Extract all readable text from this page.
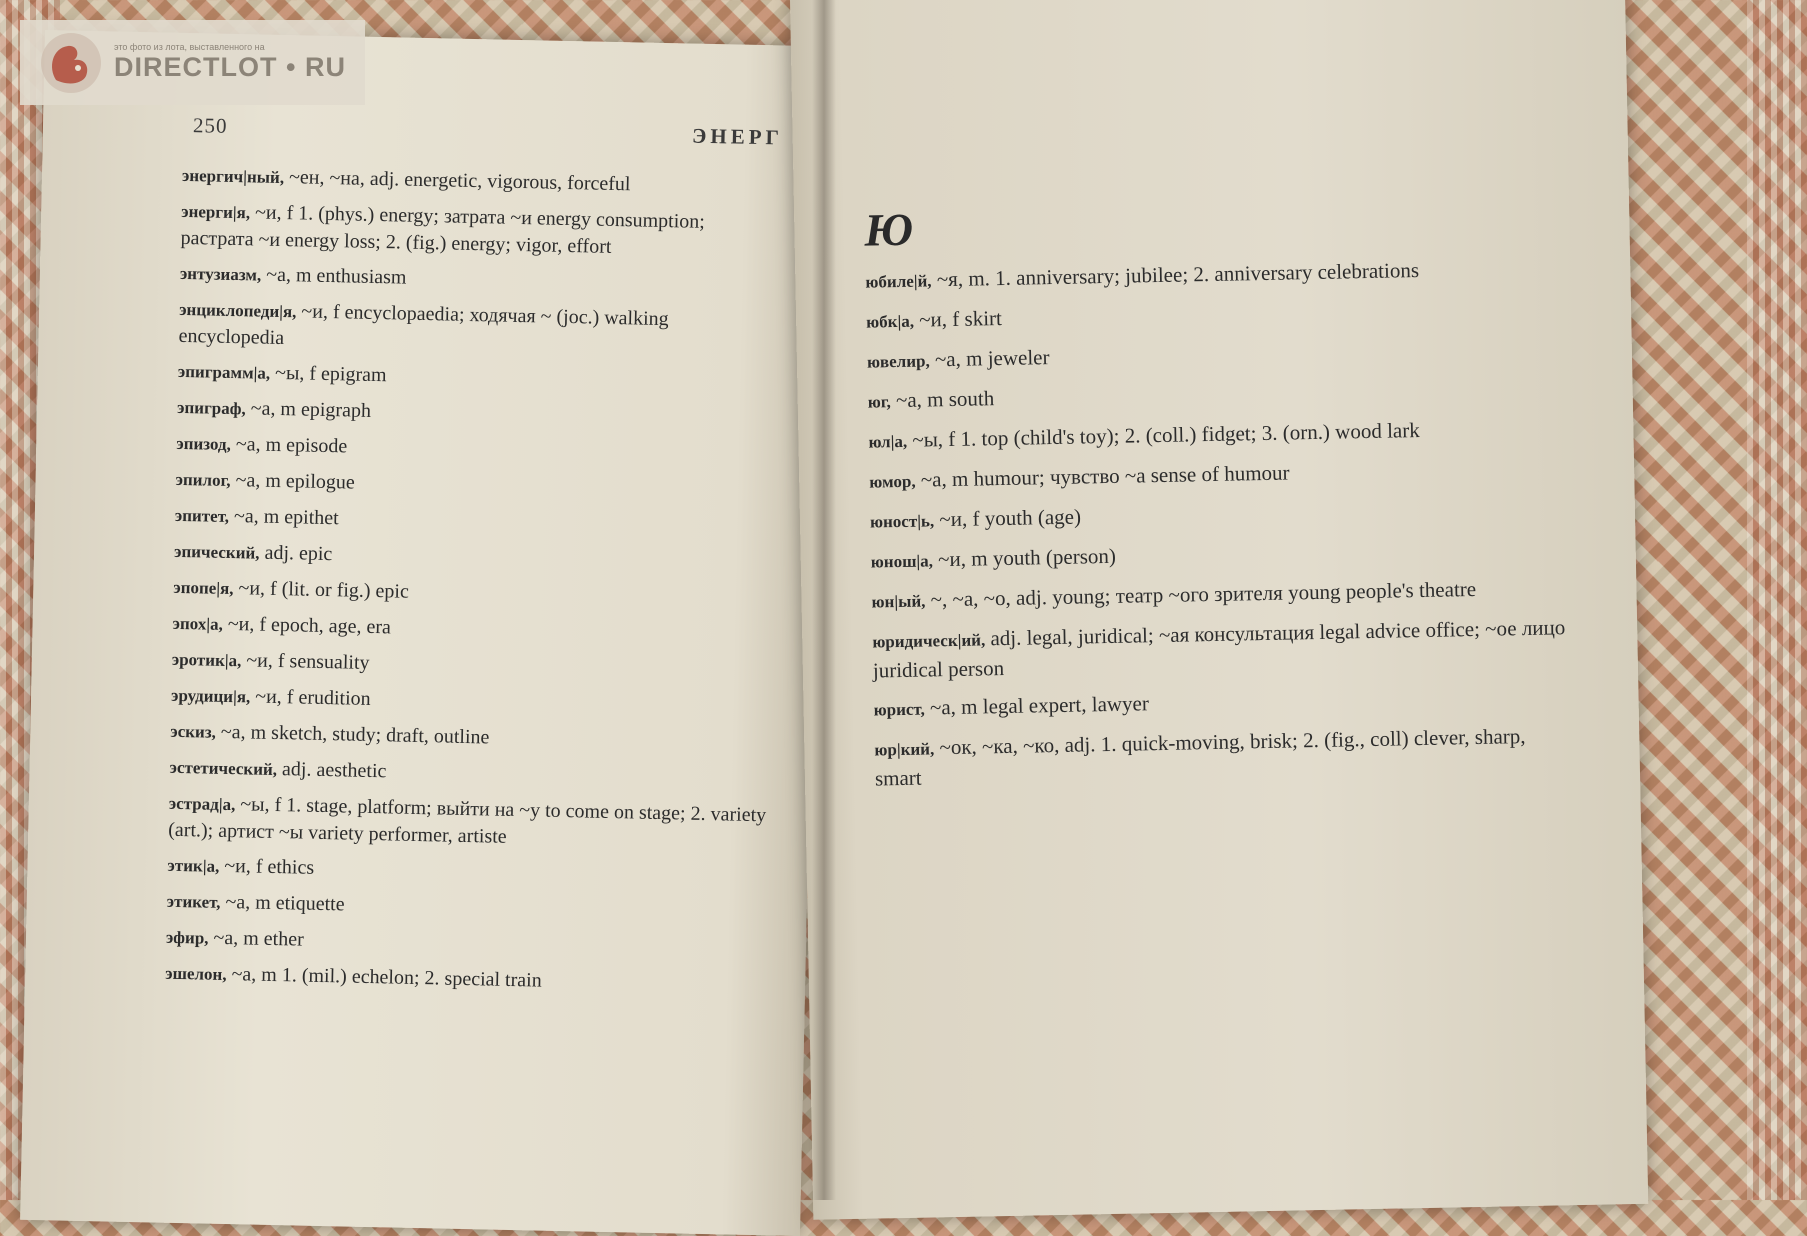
250	ЭНЕРГ
энергич|ный, ~ен, ~на, adj. energetic, vigorous, forceful
энерги|я, ~и, f 1. (phys.) energy; затрата ~и energy consumption; растрата ~и energy loss; 2. (fig.) energy; vigor, effort
энтузиазм, ~а, m enthusiasm
энциклопеди|я, ~и, f encyclopaedia; ходячая ~ (joc.) walking encyclopedia
эпиграмм|а, ~ы, f epigram
эпиграф, ~а, m epigraph
эпизод, ~а, m episode
эпилог, ~а, m epilogue
эпитет, ~а, m epithet
эпический, adj. epic
эпопе|я, ~и, f (lit. or fig.) epic
эпох|а, ~и, f epoch, age, era
эротик|а, ~и, f sensuality
эрудици|я, ~и, f erudition
эскиз, ~а, m sketch, study; draft, outline
эстетический, adj. aesthetic
эстрад|а, ~ы, f 1. stage, platform; выйти на ~у to come on stage; 2. variety (art.); артист ~ы variety performer, artiste
этик|а, ~и, f ethics
этикет, ~а, m etiquette
эфир, ~а, m ether
эшелон, ~а, m 1. (mil.) echelon; 2. special train
Ю
юбиле|й, ~я, m. 1. anniversary; jubilee; 2. anniversary celebrations
юбк|а, ~и, f skirt
ювелир, ~а, m jeweler
юг, ~а, m south
юл|а, ~ы, f 1. top (child's toy); 2. (coll.) fidget; 3. (orn.) wood lark
юмор, ~а, m humour; чувство ~а sense of humour
юност|ь, ~и, f youth (age)
юнош|а, ~и, m youth (person)
юн|ый, ~, ~а, ~о, adj. young; театр ~ого зрителя young people's theatre
юридическ|ий, adj. legal, juridical; ~ая консультация legal advice office; ~ое лицо juridical person
юрист, ~а, m legal expert, lawyer
юр|кий, ~ок, ~ка, ~ко, adj. 1. quick-moving, brisk; 2. (fig., coll) clever, sharp, smart
это фото из лота, выставленного на
DIRECTLOT • RU
